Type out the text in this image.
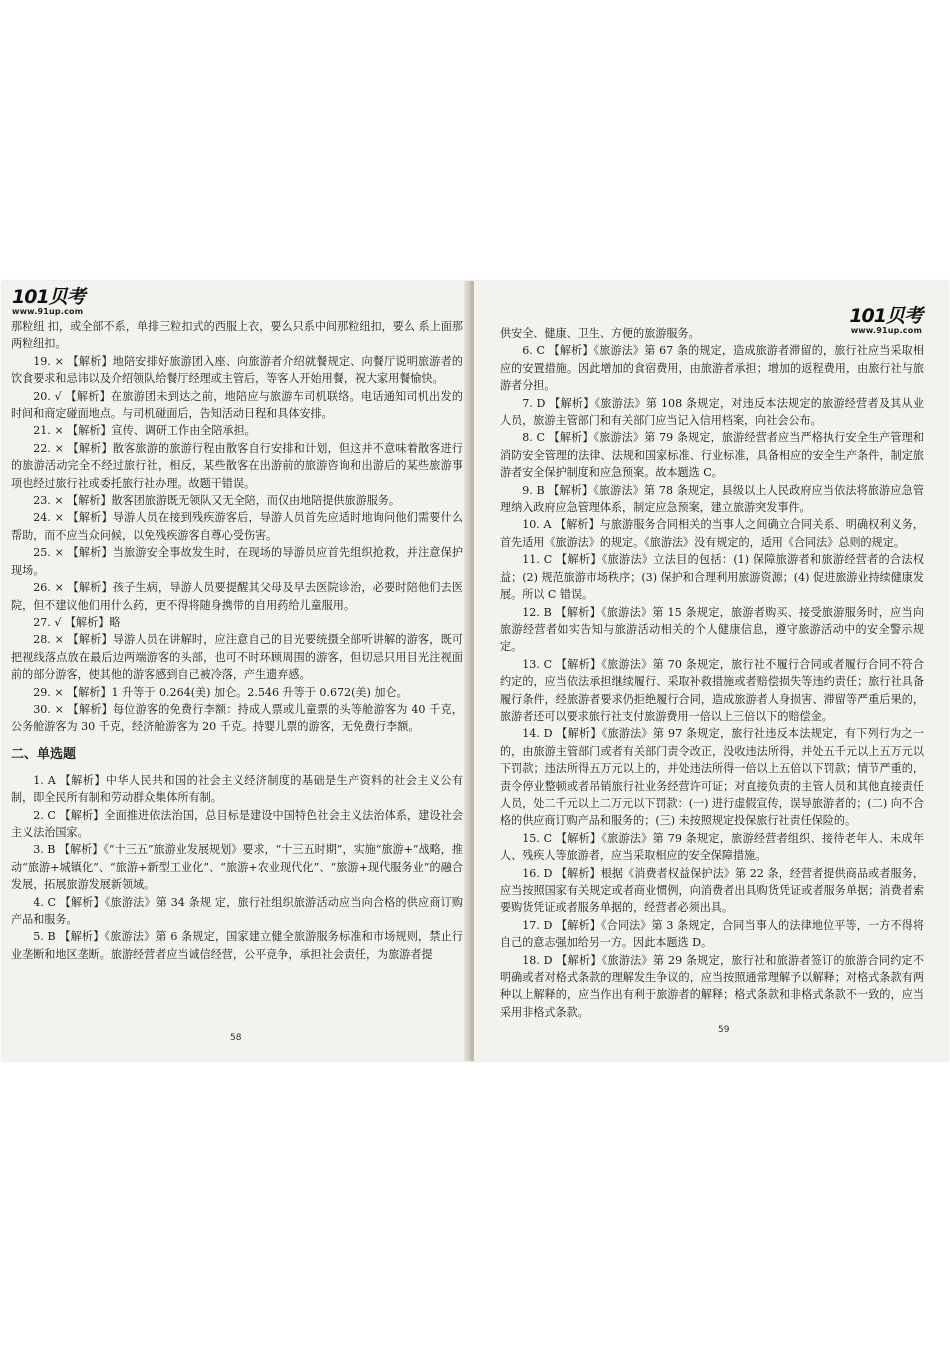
101贝考
www.91up.com

那粒纽 扣，或全部不系，单排三粒扣式的西服上衣，要么只系中间那粒纽扣，要么 系上面那两粒纽扣。

19. × 【解析】地陪安排好旅游团入座、向旅游者介绍就餐规定、向餐厅说明旅游者的饮食要求和忌讳以及介绍领队给餐厅经理或主管后，等客人开始用餐，祝大家用餐愉快。

20. √ 【解析】在旅游团未到达之前，地陪应与旅游车司机联络。电话通知司机出发的时间和商定碰面地点。与司机碰面后，告知活动日程和具体安排。

21. × 【解析】宣传、调研工作由全陪承担。

22. × 【解析】散客旅游的旅游行程由散客自行安排和计划，但这并不意味着散客进行的旅游活动完全不经过旅行社，相反，某些散客在出游前的旅游咨询和出游后的某些旅游事项也经过旅行社或委托旅行社办理。故题干错误。

23. × 【解析】散客团旅游既无领队又无全陪，而仅由地陪提供旅游服务。

24. × 【解析】导游人员在接到残疾游客后，导游人员首先应适时地询问他们需要什么帮助，而不应当众问候，以免残疾游客自尊心受伤害。

25. × 【解析】当旅游安全事故发生时，在现场的导游员应首先组织抢救，并注意保护现场。

26. × 【解析】孩子生病，导游人员要提醒其父母及早去医院诊治，必要时陪他们去医院，但不建议他们用什么药，更不得将随身携带的自用药给儿童服用。

27. √ 【解析】略

28. × 【解析】导游人员在讲解时，应注意自己的目光要统摄全部听讲解的游客，既可把视线落点放在最后边两端游客的头部，也可不时环顾周围的游客，但切忌只用目光注视面前的部分游客，使其他的游客感到自己被冷落，产生遗弃感。

29. × 【解析】1 升等于 0.264(美) 加仑。2.546 升等于 0.672(美) 加仑。

30. × 【解析】每位游客的免费行李额：持成人票或儿童票的头等舱游客为 40 千克，公务舱游客为 30 千克，经济舱游客为 20 千克。持婴儿票的游客，无免费行李额。

二、单选题

1. A 【解析】中华人民共和国的社会主义经济制度的基础是生产资料的社会主义公有制，即全民所有制和劳动群众集体所有制。

2. C 【解析】全面推进依法治国，总目标是建设中国特色社会主义法治体系，建设社会主义法治国家。

3. B 【解析】《“十三五”旅游业发展规划》要求，“十三五时期”，实施“旅游+”战略，推动“旅游+城镇化”、“旅游+新型工业化”、“旅游+农业现代化”、“旅游+现代服务业”的融合发展，拓展旅游发展新领域。

4. C 【解析】《旅游法》第 34 条规 定，旅行社组织旅游活动应当向合格的供应商订购产品和服务。

5. B 【解析】《旅游法》第 6 条规定，国家建立健全旅游服务标准和市场规则，禁止行业垄断和地区垄断。旅游经营者应当诚信经营，公平竞争，承担社会责任，为旅游者提

58
101贝考
www.91up.com

供安全、健康、卫生、方便的旅游服务。

6. C 【解析】《旅游法》第 67 条的规定，造成旅游者滞留的，旅行社应当采取相应的安置措施。因此增加的食宿费用，由旅游者承担；增加的返程费用，由旅行社与旅游者分担。

7. D 【解析】《旅游法》第 108 条规定，对违反本法规定的旅游经营者及其从业人员，旅游主管部门和有关部门应当记入信用档案，向社会公布。

8. C 【解析】《旅游法》第 79 条规定，旅游经营者应当严格执行安全生产管理和消防安全管理的法律、法规和国家标准、行业标准，具备相应的安全生产条件，制定旅游者安全保护制度和应急预案。故本题选 C。

9. B 【解析】《旅游法》第 78 条规定，县级以上人民政府应当依法将旅游应急管理纳入政府应急管理体系，制定应急预案，建立旅游突发事件。

10. A 【解析】与旅游服务合同相关的当事人之间确立合同关系、明确权利义务，首先适用《旅游法》的规定。《旅游法》没有规定的，适用《合同法》总则的规定。

11. C 【解析】《旅游法》立法目的包括：(1) 保障旅游者和旅游经营者的合法权益；(2) 规范旅游市场秩序；(3) 保护和合理利用旅游资源；(4) 促进旅游业持续健康发展。所以 C 错误。

12. B 【解析】《旅游法》第 15 条规定，旅游者购买、接受旅游服务时，应当向旅游经营者如实告知与旅游活动相关的个人健康信息，遵守旅游活动中的安全警示规定。

13. C 【解析】《旅游法》第 70 条规定，旅行社不履行合同或者履行合同不符合约定的，应当依法承担继续履行、采取补救措施或者赔偿损失等违约责任；旅行社具备履行条件，经旅游者要求仍拒绝履行合同，造成旅游者人身损害、滞留等严重后果的，旅游者还可以要求旅行社支付旅游费用一倍以上三倍以下的赔偿金。

14. D 【解析】《旅游法》第 97 条规定，旅行社违反本法规定，有下列行为之一的，由旅游主管部门或者有关部门责令改正，没收违法所得，并处五千元以上五万元以下罚款；违法所得五万元以上的，并处违法所得一倍以上五倍以下罚款；情节严重的，责令停业整顿或者吊销旅行社业务经营许可证；对直接负责的主管人员和其他直接责任人员，处二千元以上二万元以下罚款：(一) 进行虚假宣传，误导旅游者的；(二) 向不合格的供应商订购产品和服务的；(三) 未按照规定投保旅行社责任保险的。

15. C 【解析】《旅游法》第 79 条规定，旅游经营者组织、接待老年人、未成年人、残疾人等旅游者，应当采取相应的安全保障措施。

16. D 【解析】根据《消费者权益保护法》第 22 条，经营者提供商品或者服务，应当按照国家有关规定或者商业惯例，向消费者出具购货凭证或者服务单据；消费者索要购货凭证或者服务单据的，经营者必须出具。

17. D 【解析】《合同法》第 3 条规定，合同当事人的法律地位平等，一方不得将自己的意志强加给另一方。因此本题选 D。

18. D 【解析】《旅游法》第 29 条规定，旅行社和旅游者签订的旅游合同约定不明确或者对格式条款的理解发生争议的，应当按照通常理解予以解释；对格式条款有两种以上解释的，应当作出有利于旅游者的解释；格式条款和非格式条款不一致的，应当采用非格式条款。

59
